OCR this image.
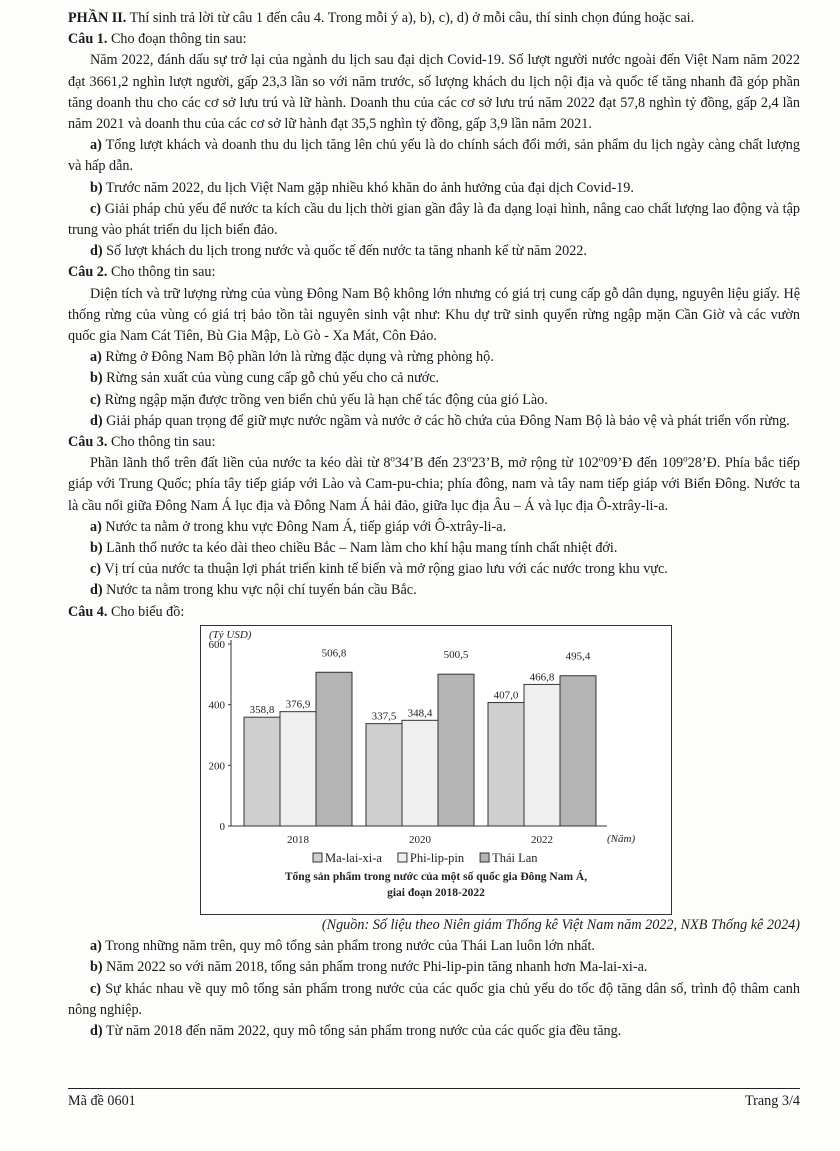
PHẦN II. Thí sinh trả lời từ câu 1 đến câu 4. Trong mỗi ý a), b), c), d) ở mỗi câu, thí sinh chọn đúng hoặc sai.

Câu 1. Cho đoạn thông tin sau:

Năm 2022, đánh dấu sự trở lại của ngành du lịch sau đại dịch Covid-19. Số lượt người nước ngoài đến Việt Nam năm 2022 đạt 3661,2 nghìn lượt người, gấp 23,3 lần so với năm trước, số lượng khách du lịch nội địa và quốc tế tăng nhanh đã góp phần tăng doanh thu cho các cơ sở lưu trú và lữ hành. Doanh thu của các cơ sở lưu trú năm 2022 đạt 57,8 nghìn tỷ đồng, gấp 2,4 lần năm 2021 và doanh thu của các cơ sở lữ hành đạt 35,5 nghìn tỷ đồng, gấp 3,9 lần năm 2021.

a) Tổng lượt khách và doanh thu du lịch tăng lên chủ yếu là do chính sách đổi mới, sản phẩm du lịch ngày càng chất lượng và hấp dẫn.

b) Trước năm 2022, du lịch Việt Nam gặp nhiều khó khăn do ảnh hưởng của đại dịch Covid-19.

c) Giải pháp chủ yếu để nước ta kích cầu du lịch thời gian gần đây là đa dạng loại hình, nâng cao chất lượng lao động và tập trung vào phát triển du lịch biển đảo.

d) Số lượt khách du lịch trong nước và quốc tế đến nước ta tăng nhanh kể từ năm 2022.

Câu 2. Cho thông tin sau:

Diện tích và trữ lượng rừng của vùng Đông Nam Bộ không lớn nhưng có giá trị cung cấp gỗ dân dụng, nguyên liệu giấy. Hệ thống rừng của vùng có giá trị bảo tồn tài nguyên sinh vật như: Khu dự trữ sinh quyển rừng ngập mặn Cần Giờ và các vườn quốc gia Nam Cát Tiên, Bù Gia Mập, Lò Gò - Xa Mát, Côn Đảo.

a) Rừng ở Đông Nam Bộ phần lớn là rừng đặc dụng và rừng phòng hộ.

b) Rừng sản xuất của vùng cung cấp gỗ chủ yếu cho cả nước.

c) Rừng ngập mặn được trồng ven biển chủ yếu là hạn chế tác động của gió Lào.

d) Giải pháp quan trọng để giữ mực nước ngầm và nước ở các hồ chứa của Đông Nam Bộ là bảo vệ và phát triển vốn rừng.

Câu 3. Cho thông tin sau:

Phần lãnh thổ trên đất liền của nước ta kéo dài từ 8$^o$34’B đến 23$^o$23’B, mở rộng từ 102$^o$09’Đ đến 109$^o$28’Đ. Phía bắc tiếp giáp với Trung Quốc; phía tây tiếp giáp với Lào và Cam-pu-chia; phía đông, nam và tây nam tiếp giáp với Biển Đông. Nước ta là cầu nối giữa Đông Nam Á lục địa và Đông Nam Á hải đảo, giữa lục địa Âu – Á và lục địa Ô-xtrây-li-a.

a) Nước ta nằm ở trong khu vực Đông Nam Á, tiếp giáp với Ô-xtrây-li-a.

b) Lãnh thổ nước ta kéo dài theo chiều Bắc – Nam làm cho khí hậu mang tính chất nhiệt đới.

c) Vị trí của nước ta thuận lợi phát triển kinh tế biển và mở rộng giao lưu với các nước trong khu vực.

d) Nước ta nằm trong khu vực nội chí tuyến bán cầu Bắc.

Câu 4. Cho biểu đồ:

(Tỷ USD)
0
200
400
600
358,8 376,9
506,8
2018
337,5 348,4
500,5
2020
407,0
466,8
495,4
2022	(Năm)
Ma-lai-xi-a Phi-lip-pin Thái Lan
Tổng sản phẩm trong nước của một số quốc gia Đông Nam Á,
giai đoạn 2018-2022

(Nguồn: Số liệu theo Niên giám Thống kê Việt Nam năm 2022, NXB Thống kê 2024)

a) Trong những năm trên, quy mô tổng sản phẩm trong nước của Thái Lan luôn lớn nhất.

b) Năm 2022 so với năm 2018, tổng sản phẩm trong nước Phi-lip-pin tăng nhanh hơn Ma-lai-xi-a.

c) Sự khác nhau về quy mô tổng sản phẩm trong nước của các quốc gia chủ yếu do tốc độ tăng dân số, trình độ thâm canh nông nghiệp.

d) Từ năm 2018 đến năm 2022, quy mô tổng sản phẩm trong nước của các quốc gia đều tăng.

Mã đề 0601	Trang 3/4
